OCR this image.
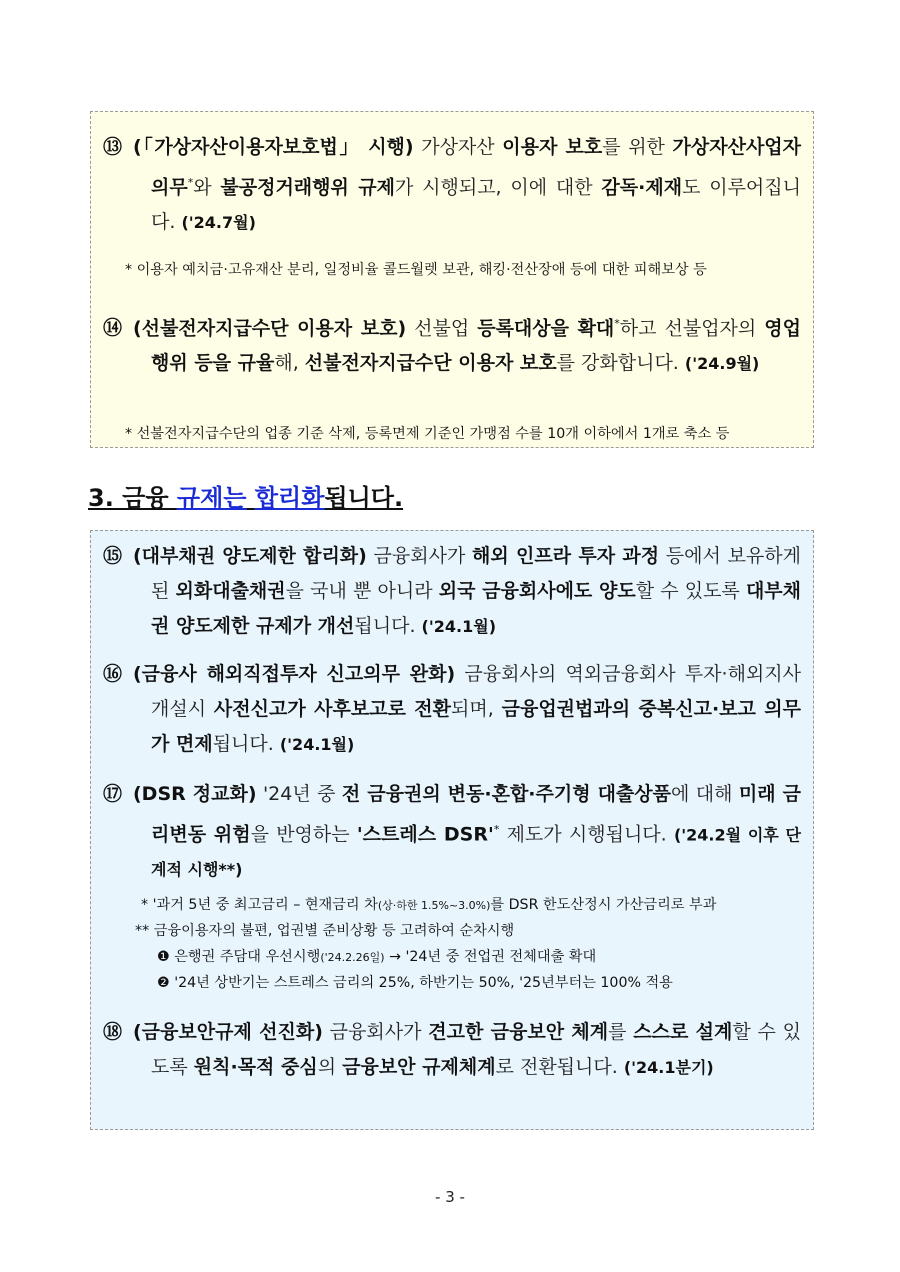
⑬ (「가상자산이용자보호법」 시행) 가상자산 이용자 보호를 위한 가상자산사업자 의무*와 불공정거래행위 규제가 시행되고, 이에 대한 감독·제재도 이루어집니다. ('24.7월)
* 이용자 예치금·고유재산 분리, 일정비율 콜드월렛 보관, 해킹·전산장애 등에 대한 피해보상 등
⑭ (선불전자지급수단 이용자 보호) 선불업 등록대상을 확대*하고 선불업자의 영업행위 등을 규율해, 선불전자지급수단 이용자 보호를 강화합니다. ('24.9월)
* 선불전자지급수단의 업종 기준 삭제, 등록면제 기준인 가맹점 수를 10개 이하에서 1개로 축소 등
3. 금융 규제는 합리화됩니다.
⑮ (대부채권 양도제한 합리화) 금융회사가 해외 인프라 투자 과정 등에서 보유하게 된 외화대출채권을 국내 뿐 아니라 외국 금융회사에도 양도할 수 있도록 대부채권 양도제한 규제가 개선됩니다. ('24.1월)
⑯ (금융사 해외직접투자 신고의무 완화) 금융회사의 역외금융회사 투자·해외지사 개설시 사전신고가 사후보고로 전환되며, 금융업권법과의 중복신고·보고 의무가 면제됩니다. ('24.1월)
⑰ (DSR 정교화) '24년 중 전 금융권의 변동·혼합·주기형 대출상품에 대해 미래 금리변동 위험을 반영하는 '스트레스 DSR'* 제도가 시행됩니다. ('24.2월 이후 단계적 시행**)
* '과거 5년 중 최고금리 – 현재금리 차(상·하한 1.5%~3.0%)를 DSR 한도산정시 가산금리로 부과
** 금융이용자의 불편, 업권별 준비상황 등 고려하여 순차시행
❶ 은행권 주담대 우선시행('24.2.26일) → '24년 중 전업권 전체대출 확대
❷ '24년 상반기는 스트레스 금리의 25%, 하반기는 50%, '25년부터는 100% 적용
⑱ (금융보안규제 선진화) 금융회사가 견고한 금융보안 체계를 스스로 설계할 수 있도록 원칙·목적 중심의 금융보안 규제체계로 전환됩니다. ('24.1분기)
- 3 -
